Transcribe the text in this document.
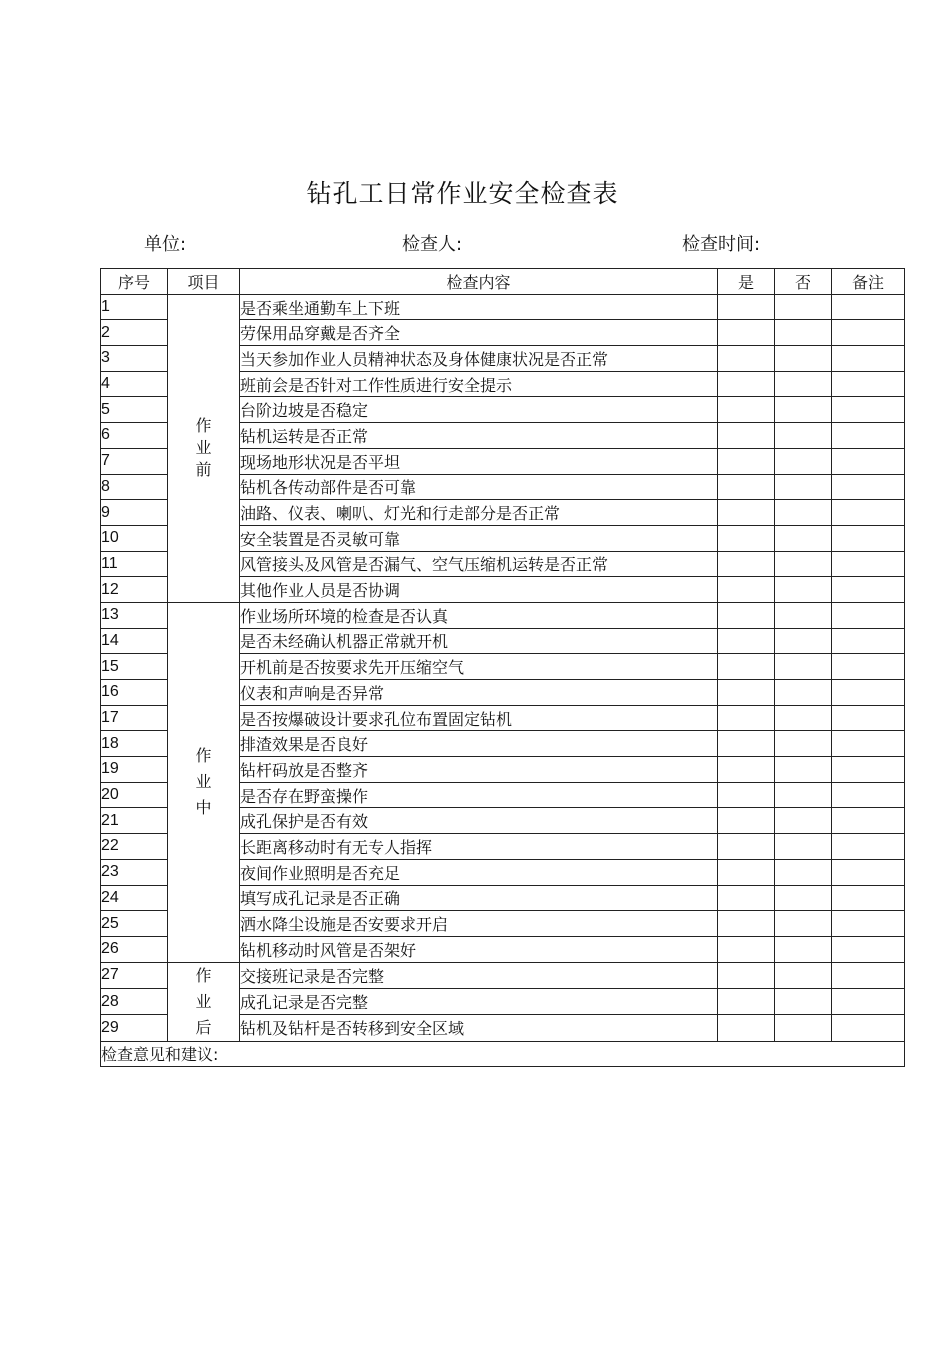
钻孔工日常作业安全检查表
单位:	检查人:	检查时间:
序号	项目	检查内容	是	否	备注
1	作业前	是否乘坐通勤车上下班			
2		劳保用品穿戴是否齐全			
3		当天参加作业人员精神状态及身体健康状况是否正常			
4		班前会是否针对工作性质进行安全提示			
5		台阶边坡是否稳定			
6		钻机运转是否正常			
7		现场地形状况是否平坦			
8		钻机各传动部件是否可靠			
9		油路、仪表、喇叭、灯光和行走部分是否正常			
10		安全装置是否灵敏可靠			
11		风管接头及风管是否漏气、空气压缩机运转是否正常			
12		其他作业人员是否协调			
13	作业中	作业场所环境的检查是否认真			
14		是否未经确认机器正常就开机			
15		开机前是否按要求先开压缩空气			
16		仪表和声响是否异常			
17		是否按爆破设计要求孔位布置固定钻机			
18		排渣效果是否良好			
19		钻杆码放是否整齐			
20		是否存在野蛮操作			
21		成孔保护是否有效			
22		长距离移动时有无专人指挥			
23		夜间作业照明是否充足			
24		填写成孔记录是否正确			
25		洒水降尘设施是否安要求开启			
26		钻机移动时风管是否架好			
27	作业后	交接班记录是否完整			
28		成孔记录是否完整			
29		钻机及钻杆是否转移到安全区域			
检查意见和建议:					
